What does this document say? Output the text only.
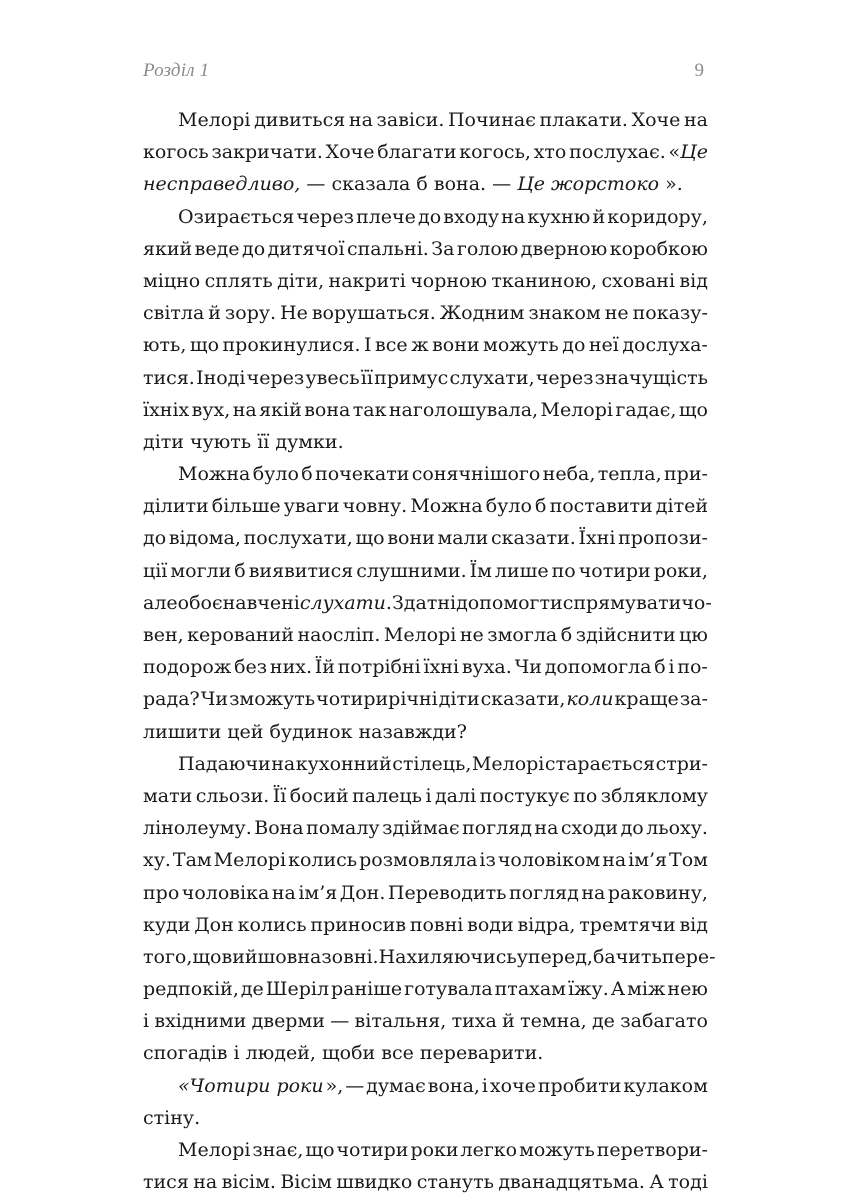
Розділ 1	9
Мелорі дивиться на завіси. Починає плакати. Хоче на
когось закричати. Хоче благати когось, хто послухає. «Це
несправедливо, — сказала б вона. — Це жорстоко ».
Озирається через плече до входу на кухню й коридору,
який веде до дитячої спальні. За голою дверною коробкою
міцно сплять діти, накриті чорною тканиною, сховані від
світла й зору. Не ворушаться. Жодним знаком не показу-
ють, що прокинулися. І все ж вони можуть до неї дослуха-
тися. Іноді через увесь її примус слухати, через значущість
їхніх вух, на якій вона так наголошувала, Мелорі гадає, що
діти чують її думки.
Можна було б почекати сонячнішого неба, тепла, при-
ділити більше уваги човну. Можна було б поставити дітей
до відома, послухати, що вони мали сказати. Їхні пропози-
ції могли б виявитися слушними. Їм лише по чотири роки,
але обоє навчені слухати . Здатні допомогти спрямувати чо-
вен, керований наосліп. Мелорі не змогла б здійснити цю
подорож без них. Їй потрібні їхні вуха. Чи допомогла б і по-
рада? Чи зможуть чотирирічні діти сказати, коли краще за-
лишити цей будинок назавжди?
Падаючи на кухонний стілець, Мелорі старається стри-
мати сльози. Її босий палець і далі постукує по збляклому
лінолеуму. Вона помалу здіймає погляд на сходи до льоху.
ху. Там Мелорі колись розмовляла із чоловіком на ім’я Том
про чоловіка на ім’я Дон. Переводить погляд на раковину,
куди Дон колись приносив повні води відра, тремтячи від
того, що вийшов назовні. Нахиляючись уперед, бачить пере-
редпокій, де Шеріл раніше готувала птахам їжу. А між нею
і вхідними дверми — вітальня, тиха й темна, де забагато
спогадів і людей, щоби все переварити.
«Чотири роки », — думає вона, і хоче пробити кулаком
стіну.
Мелорі знає, що чотири роки легко можуть перетвори-
тися на вісім. Вісім швидко стануть дванадцятьма. А тоді
